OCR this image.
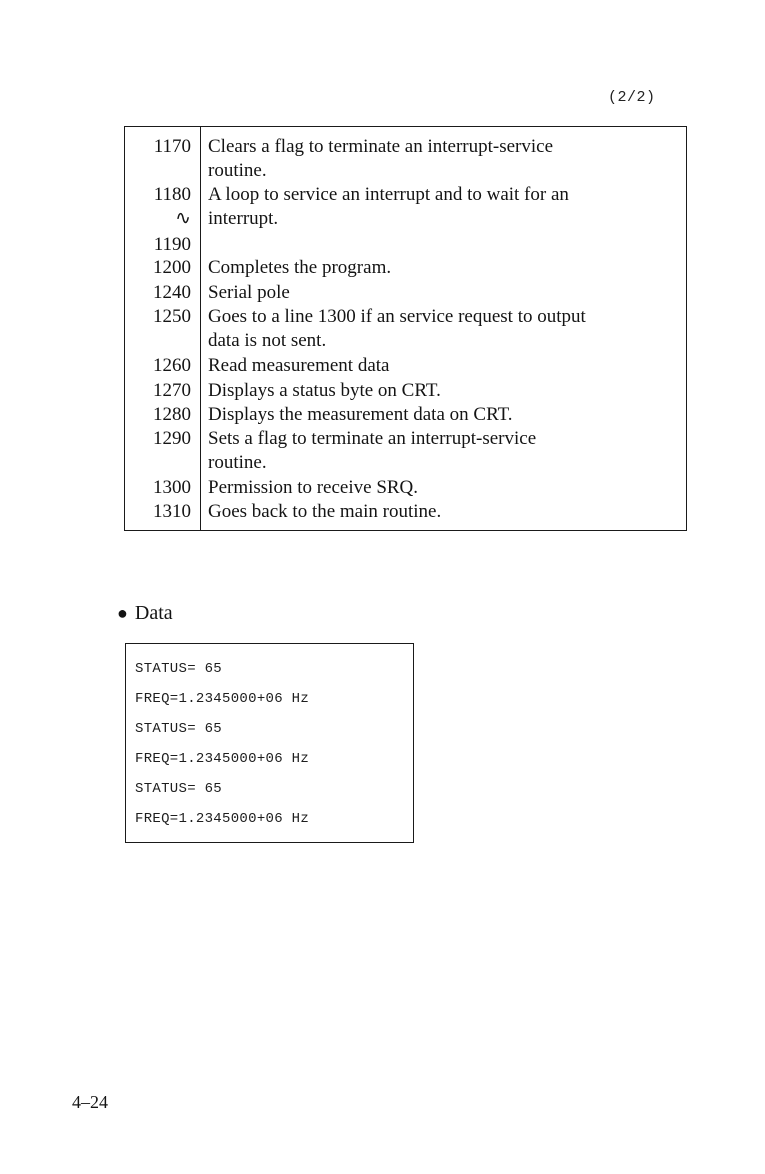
(2/2)
1170 Clears a flag to terminate an interrupt-service
routine.
1180 A loop to service an interrupt and to wait for an
∿ interrupt.
1190
1200 Completes the program.
1240 Serial pole
1250 Goes to a line 1300 if an service request to output
data is not sent.
1260 Read measurement data
1270 Displays a status byte on CRT.
1280 Displays the measurement data on CRT.
1290 Sets a flag to terminate an interrupt-service
routine.
1300 Permission to receive SRQ.
1310 Goes back to the main routine.
● Data
STATUS= 65
FREQ=1.2345000+06 Hz
STATUS= 65
FREQ=1.2345000+06 Hz
STATUS= 65
FREQ=1.2345000+06 Hz
4–24
